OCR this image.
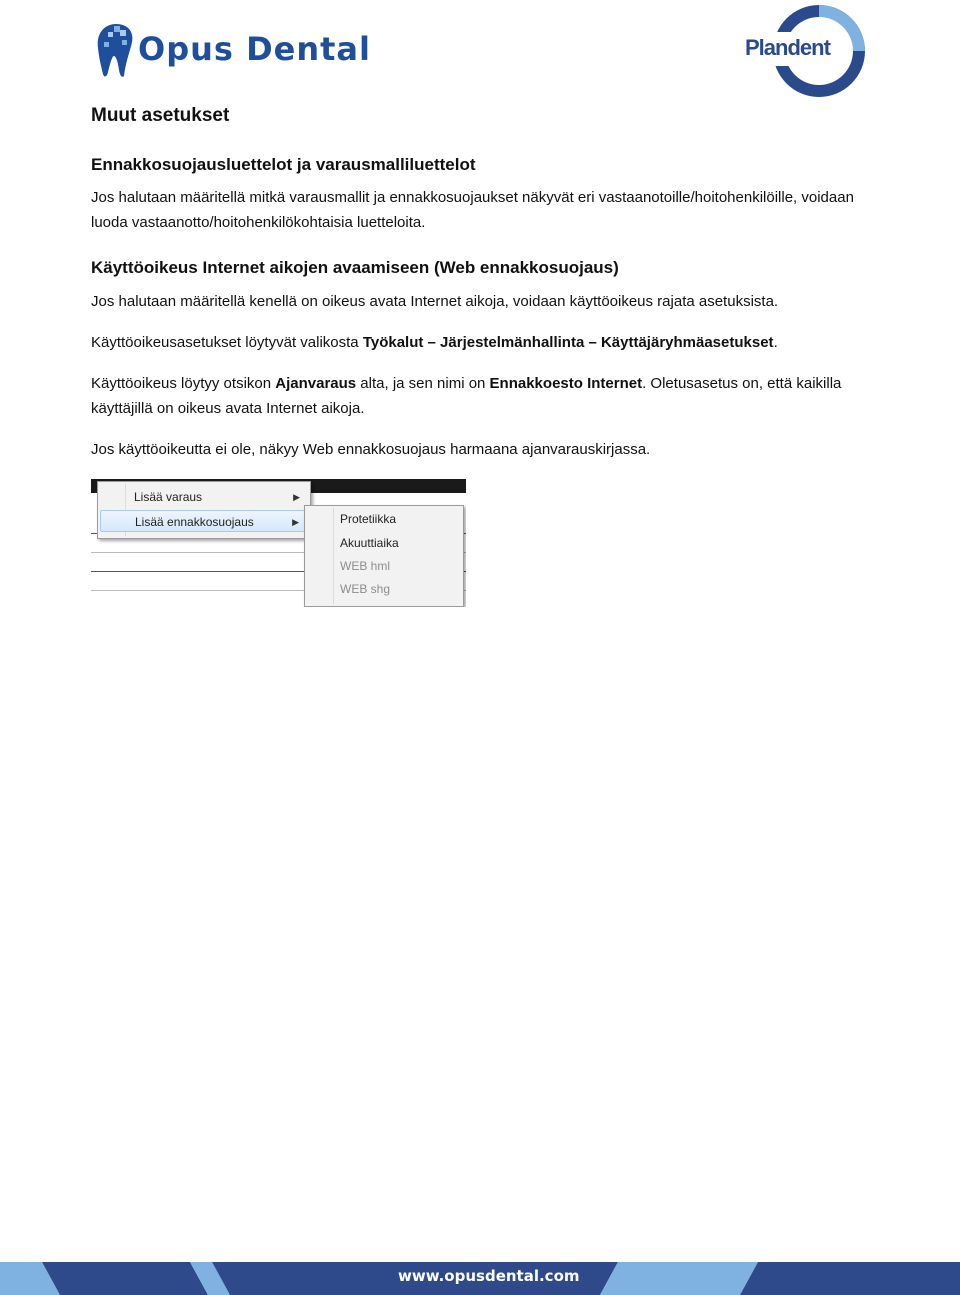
Opus Dental	Plandent
Muut asetukset
Ennakkosuojausluettelot ja varausmalliluettelot

Jos halutaan määritellä mitkä varausmallit ja ennakkosuojaukset näkyvät eri vastaanotoille/hoitohenkilöille, voidaan luoda vastaanotto/hoitohenkilökohtaisia luetteloita.

Käyttöoikeus Internet aikojen avaamiseen (Web ennakkosuojaus)

Jos halutaan määritellä kenellä on oikeus avata Internet aikoja, voidaan käyttöoikeus rajata asetuksista.

Käyttöoikeusasetukset löytyvät valikosta Työkalut – Järjestelmänhallinta – Käyttäjäryhmäasetukset.

Käyttöoikeus löytyy otsikon Ajanvaraus alta, ja sen nimi on Ennakkoesto Internet. Oletusasetus on, että kaikilla käyttäjillä on oikeus avata Internet aikoja.

Jos käyttöoikeutta ei ole, näkyy Web ennakkosuojaus harmaana ajanvarauskirjassa.

Lisää varaus	▶
Lisää ennakkosuojaus	▶	Protetiikka
Akuuttiaika
WEB hml
WEB shg
www.opusdental.com
